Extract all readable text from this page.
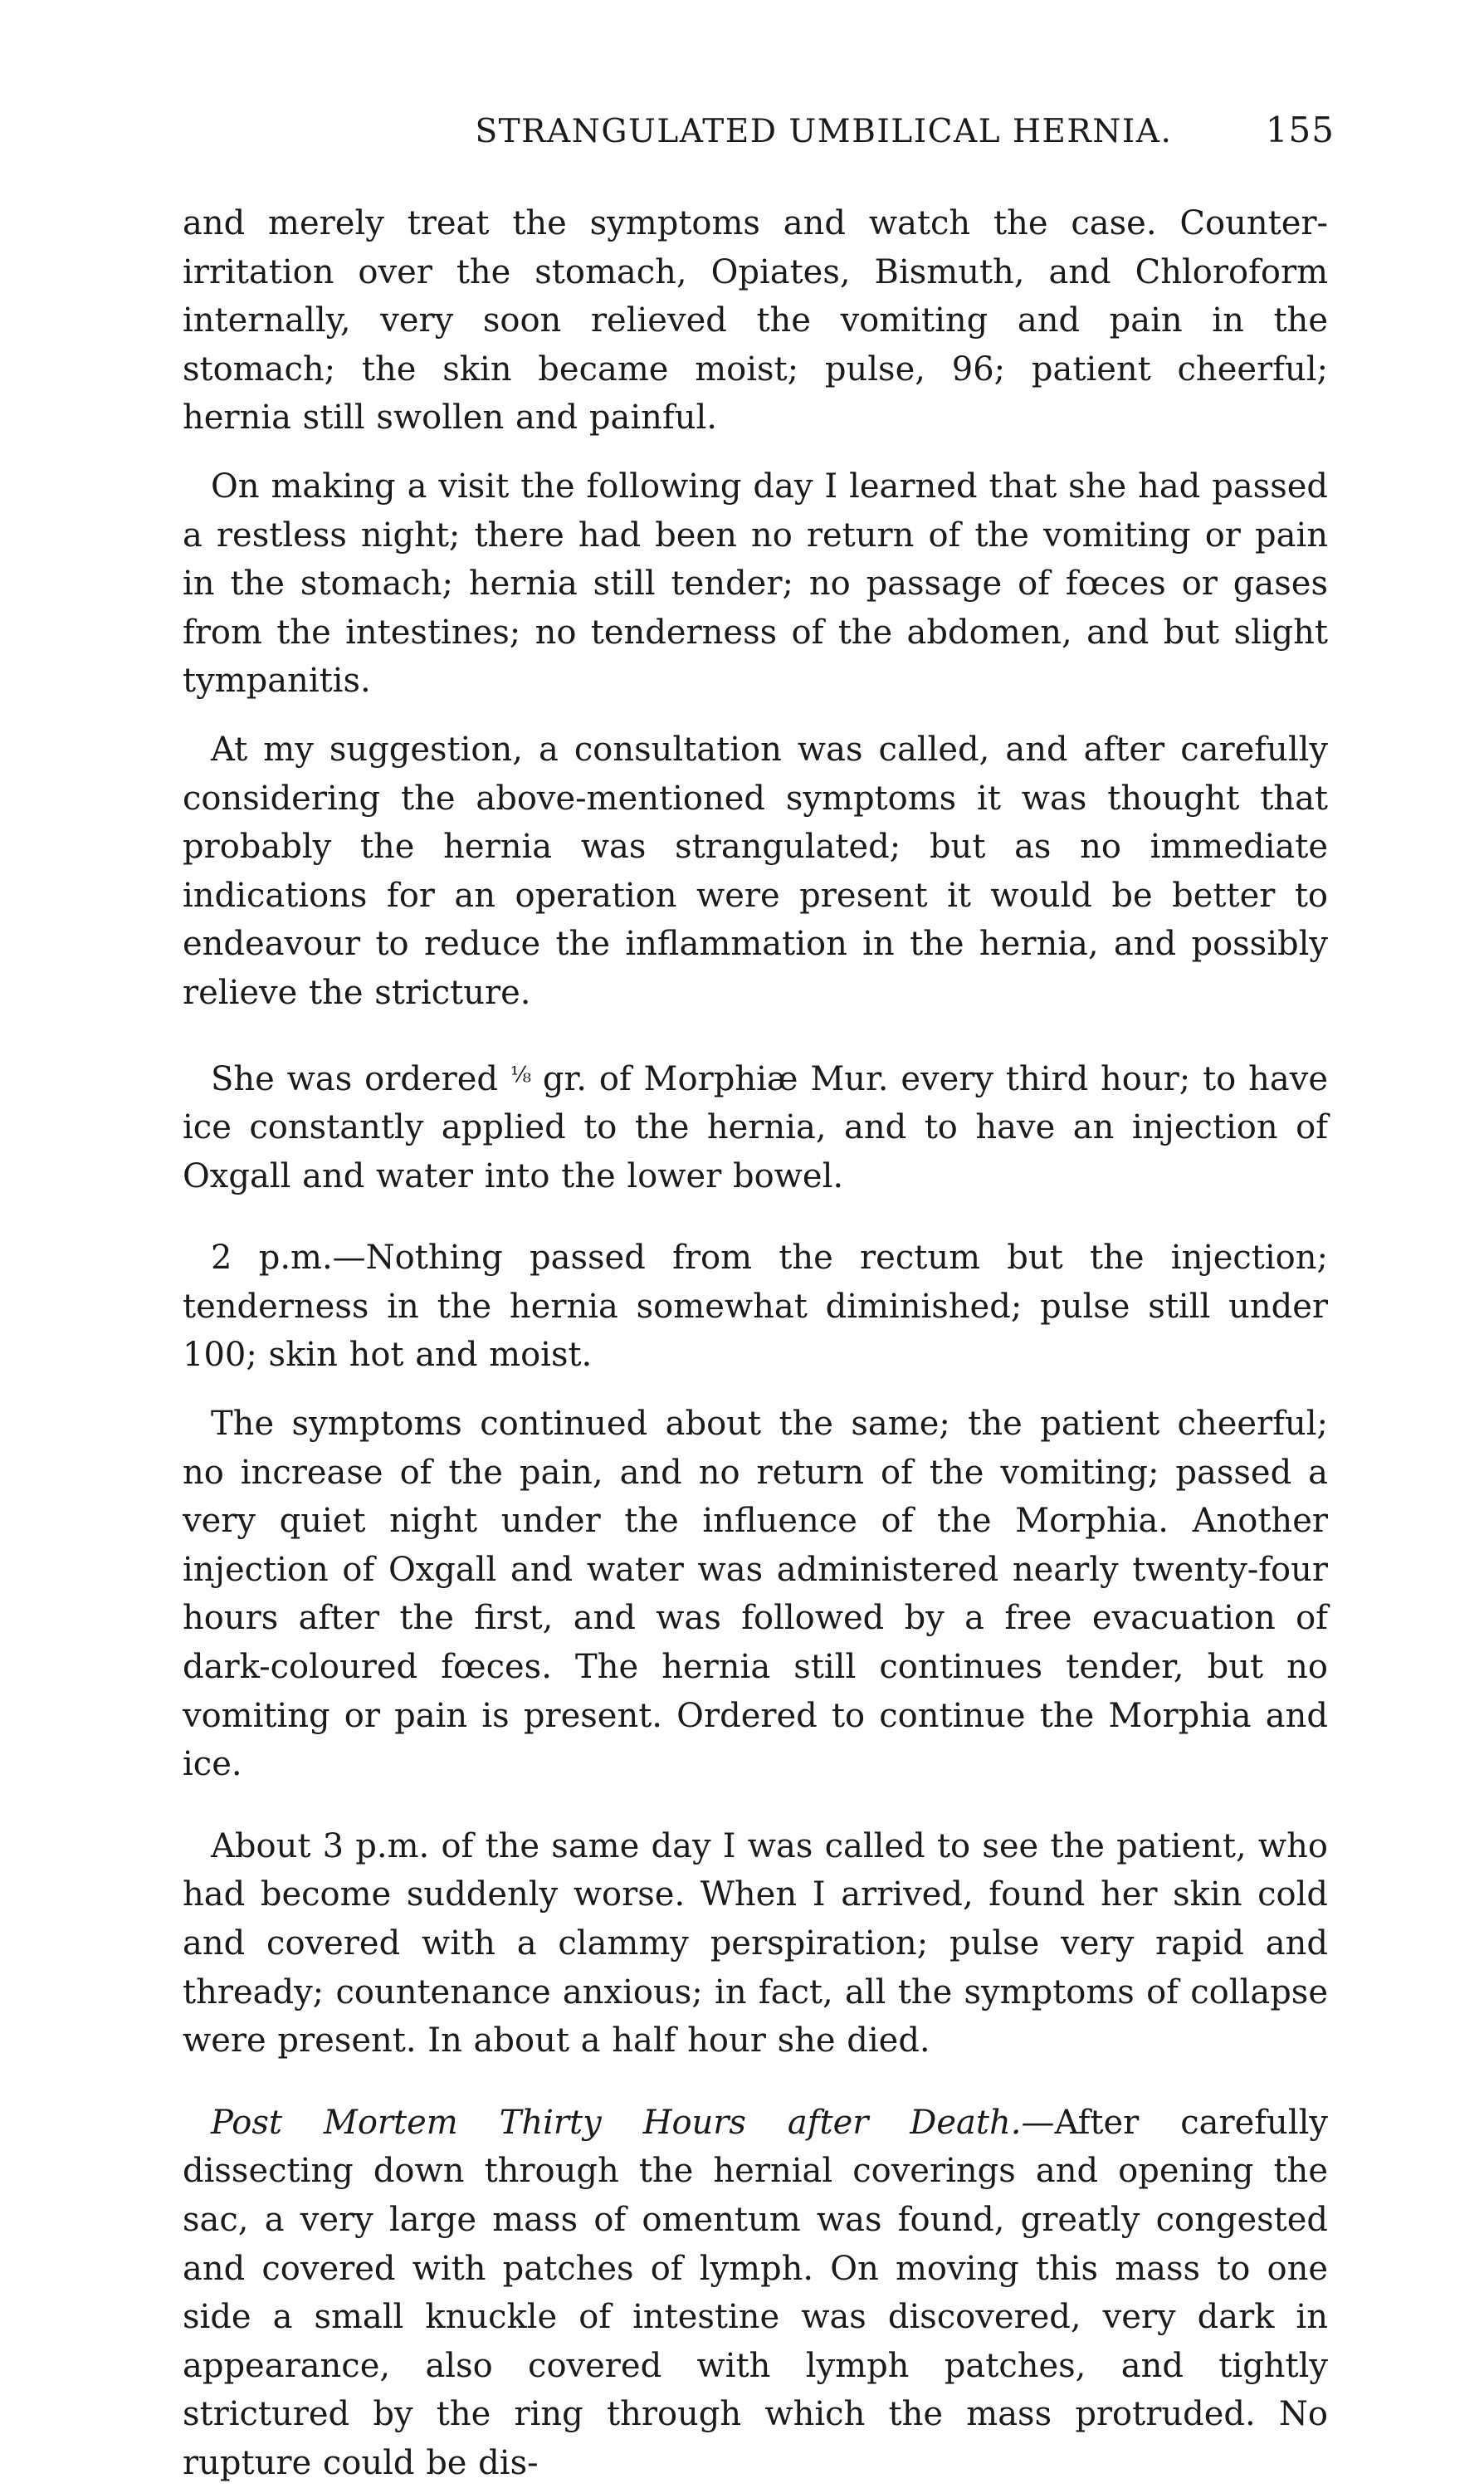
STRANGULATED UMBILICAL HERNIA.	155

and merely treat the symptoms and watch the case. Counter-irritation over the stomach, Opiates, Bismuth, and Chloroform internally, very soon relieved the vomiting and pain in the stomach; the skin became moist; pulse, 96; patient cheerful; hernia still swollen and painful.

On making a visit the following day I learned that she had passed a restless night; there had been no return of the vomiting or pain in the stomach; hernia still tender; no passage of fœces or gases from the intestines; no tenderness of the abdomen, and but slight tympanitis.

At my suggestion, a consultation was called, and after carefully considering the above-mentioned symptoms it was thought that probably the hernia was strangulated; but as no immediate indications for an operation were present it would be better to endeavour to reduce the inflammation in the hernia, and possibly relieve the stricture.

She was ordered $^{\frac{1}{8}}$ gr. of Morphiæ Mur. every third hour; to have ice constantly applied to the hernia, and to have an injection of Oxgall and water into the lower bowel.

2 p.m.—Nothing passed from the rectum but the injection; tenderness in the hernia somewhat diminished; pulse still under 100; skin hot and moist.

The symptoms continued about the same; the patient cheerful; no increase of the pain, and no return of the vomiting; passed a very quiet night under the influence of the Morphia. Another injection of Oxgall and water was administered nearly twenty-four hours after the first, and was followed by a free evacuation of dark-coloured fœces. The hernia still continues tender, but no vomiting or pain is present. Ordered to continue the Morphia and ice.

About 3 p.m. of the same day I was called to see the patient, who had become suddenly worse. When I arrived, found her skin cold and covered with a clammy perspiration; pulse very rapid and thready; countenance anxious; in fact, all the symptoms of collapse were present. In about a half hour she died.

Post Mortem Thirty Hours after Death.—After carefully dissecting down through the hernial coverings and opening the sac, a very large mass of omentum was found, greatly congested and covered with patches of lymph. On moving this mass to one side a small knuckle of intestine was discovered, very dark in appearance, also covered with lymph patches, and tightly strictured by the ring through which the mass protruded. No rupture could be dis-
